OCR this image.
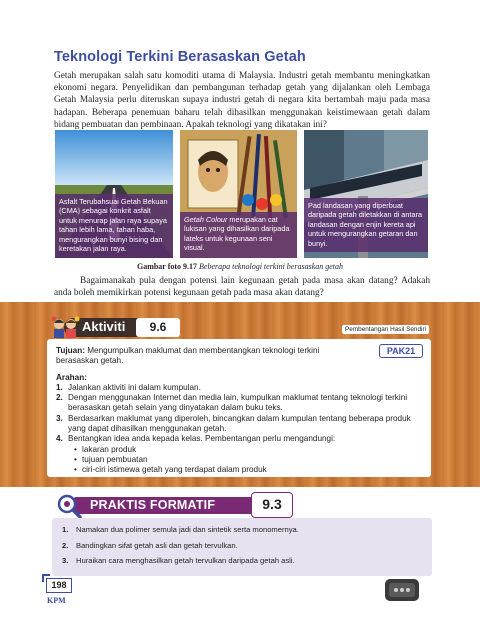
Teknologi Terkini Berasaskan Getah
Getah merupakan salah satu komoditi utama di Malaysia. Industri getah membantu meningkatkan ekonomi negara. Penyelidikan dan pembangunan terhadap getah yang dijalankan oleh Lembaga Getah Malaysia perlu diteruskan supaya industri getah di negara kita bertambah maju pada masa hadapan. Beberapa penemuan baharu telah dihasilkan menggunakan keistimewaan getah dalam bidang pembuatan dan pembinaan. Apakah teknologi yang dikatakan ini?
Asfalt Terubahsuai Getah Bekuan (CMA) sebagai konkrit asfalt untuk menurap jalan raya supaya tahan lebih lama, tahan haba, mengurangkan bunyi bising dan keretakan jalan raya.
Getah Colour merupakan cat lukisan yang dihasilkan daripada lateks untuk kegunaan seni visual.
Pad landasan yang diperbuat daripada getah diletakkan di antara landasan dengan enjin kereta api untuk mengurangkan getaran dan bunyi.
Gambar foto 9.17 Beberapa teknologi terkini berasaskan getah
Bagaimanakah pula dengan potensi lain kegunaan getah pada masa akan datang? Adakah anda boleh memikirkan potensi kegunaan getah pada masa akan datang?
Aktiviti	9.6	Pembentangan Hasil Sendiri
PAK21
Tujuan: Mengumpulkan maklumat dan membentangkan teknologi terkini berasaskan getah.
Arahan:
1. Jalankan aktiviti ini dalam kumpulan.
2. Dengan menggunakan Internet dan media lain, kumpulkan maklumat tentang teknologi terkini berasaskan getah selain yang dinyatakan dalam buku teks.
3. Berdasarkan maklumat yang diperoleh, bincangkan dalam kumpulan tentang beberapa produk yang dapat dihasilkan menggunakan getah.
4. Bentangkan idea anda kepada kelas. Pembentangan perlu mengandungi:
• lakaran produk
• tujuan pembuatan
• ciri-ciri istimewa getah yang terdapat dalam produk
PRAKTIS FORMATIF	9.3
1. Namakan dua polimer semula jadi dan sintetik serta monomernya.
2. Bandingkan sifat getah asli dan getah tervulkan.
3. Huraikan cara menghasilkan getah tervulkan daripada getah asli.
198
KPM
